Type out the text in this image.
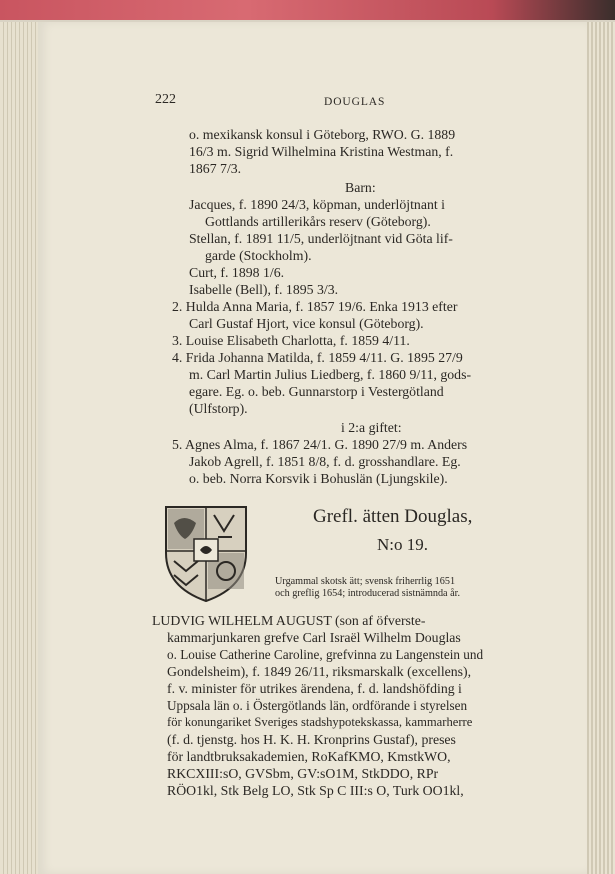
222	DOUGLAS
o. mexikansk konsul i Göteborg, RWO. G. 1889
16/3 m. Sigrid Wilhelmina Kristina Westman, f.
1867 7/3.
Barn:
Jacques, f. 1890 24/3, köpman, underlöjtnant i
Gottlands artillerikårs reserv (Göteborg).
Stellan, f. 1891 11/5, underlöjtnant vid Göta lif-
garde (Stockholm).
Curt, f. 1898 1/6.
Isabelle (Bell), f. 1895 3/3.
2. Hulda Anna Maria, f. 1857 19/6. Enka 1913 efter
Carl Gustaf Hjort, vice konsul (Göteborg).
3. Louise Elisabeth Charlotta, f. 1859 4/11.
4. Frida Johanna Matilda, f. 1859 4/11. G. 1895 27/9
m. Carl Martin Julius Liedberg, f. 1860 9/11, gods-
egare. Eg. o. beb. Gunnarstorp i Vestergötland
(Ulfstorp).
i 2:a giftet:
5. Agnes Alma, f. 1867 24/1. G. 1890 27/9 m. Anders
Jakob Agrell, f. 1851 8/8, f. d. grosshandlare. Eg.
o. beb. Norra Korsvik i Bohuslän (Ljungskile).
Grefl. ätten Douglas,
N:o 19.
Urgammal skotsk ätt; svensk friherrlig 1651
och greflig 1654; introducerad sistnämnda år.
LUDVIG WILHELM AUGUST (son af öfverste-
kammarjunkaren grefve Carl Israël Wilhelm Douglas
o. Louise Catherine Caroline, grefvinna zu Langenstein und
Gondelsheim), f. 1849 26/11, riksmarskalk (excellens),
f. v. minister för utrikes ärendena, f. d. landshöfding i
Uppsala län o. i Östergötlands län, ordförande i styrelsen
för konungariket Sveriges stadshypotekskassa, kammarherre
(f. d. tjenstg. hos H. K. H. Kronprins Gustaf), preses
för landtbruksakademien, RoKafKMO, KmstkWO,
RKCXIII:sO, GVSbm, GV:sO1M, StkDDO, RPr
RÖO1kl, Stk Belg LO, Stk Sp C III:s O, Turk OO1kl,
